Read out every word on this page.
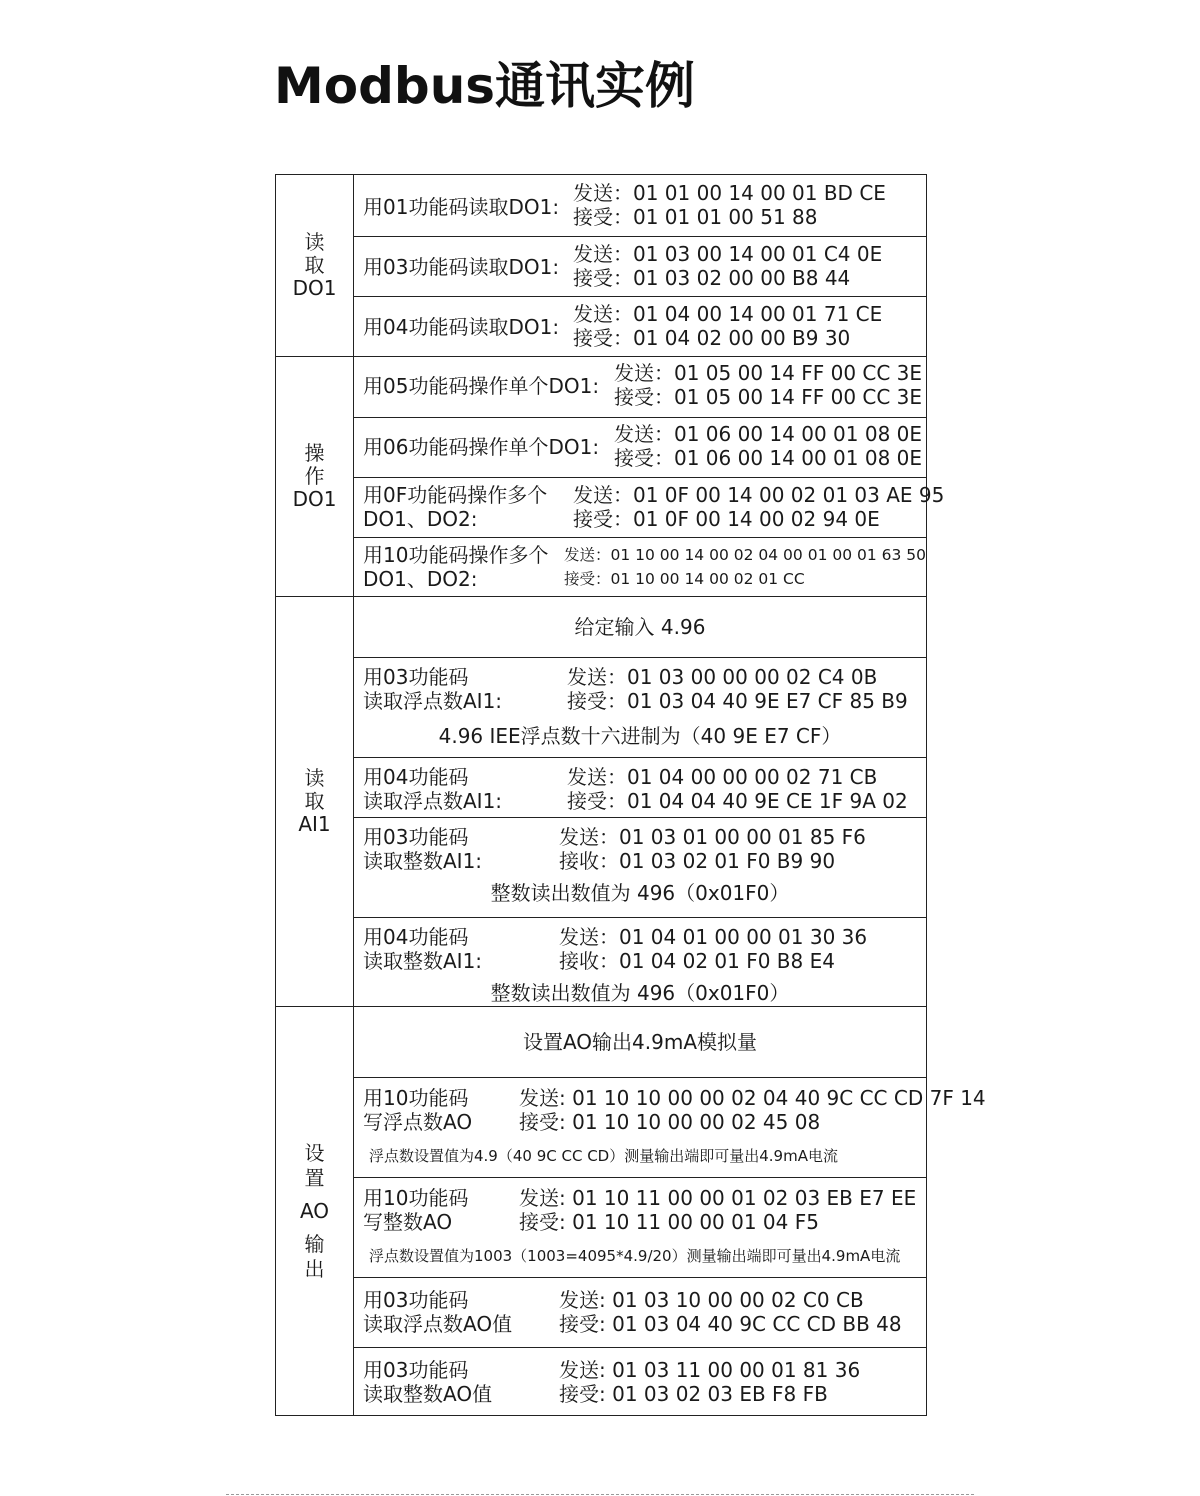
Modbus通讯实例
读
取
DO1
用01功能码读取DO1:
发送：01 01 00 14 00 01 BD CE
接受：01 01 01 00 51 88
用03功能码读取DO1:
发送：01 03 00 14 00 01 C4 0E
接受：01 03 02 00 00 B8 44
用04功能码读取DO1:
发送：01 04 00 14 00 01 71 CE
接受：01 04 02 00 00 B9 30
操
作
DO1
用05功能码操作单个DO1:
发送：01 05 00 14 FF 00 CC 3E
接受：01 05 00 14 FF 00 CC 3E
用06功能码操作单个DO1:
发送：01 06 00 14 00 01 08 0E
接受：01 06 00 14 00 01 08 0E
用0F功能码操作多个
DO1、DO2:
发送：01 0F 00 14 00 02 01 03 AE 95
接受：01 0F 00 14 00 02 94 0E
用10功能码操作多个
DO1、DO2:
发送：01 10 00 14 00 02 04 00 01 00 01 63 50
接受：01 10 00 14 00 02 01 CC
读
取
AI1
给定输入 4.96
用03功能码
读取浮点数AI1:
发送：01 03 00 00 00 02 C4 0B
接受：01 03 04 40 9E E7 CF 85 B9
4.96 IEE浮点数十六进制为（40 9E E7 CF）
用04功能码
读取浮点数AI1:
发送：01 04 00 00 00 02 71 CB
接受：01 04 04 40 9E CE 1F 9A 02
用03功能码
读取整数AI1:
发送：01 03 01 00 00 01 85 F6
接收：01 03 02 01 F0 B9 90
整数读出数值为 496（0x01F0）
用04功能码
读取整数AI1:
发送：01 04 01 00 00 01 30 36
接收：01 04 02 01 F0 B8 E4
整数读出数值为 496（0x01F0）
设
置
AO
输
出
设置AO输出4.9mA模拟量
用10功能码
写浮点数AO
发送: 01 10 10 00 00 02 04 40 9C CC CD 7F 14
接受: 01 10 10 00 00 02 45 08
浮点数设置值为4.9（40 9C CC CD）测量输出端即可量出4.9mA电流
用10功能码
写整数AO
发送: 01 10 11 00 00 01 02 03 EB E7 EE
接受: 01 10 11 00 00 01 04 F5
浮点数设置值为1003（1003=4095*4.9/20）测量输出端即可量出4.9mA电流
用03功能码
读取浮点数AO值
发送: 01 03 10 00 00 02 C0 CB
接受: 01 03 04 40 9C CC CD BB 48
用03功能码
读取整数AO值
发送: 01 03 11 00 00 01 81 36
接受: 01 03 02 03 EB F8 FB
